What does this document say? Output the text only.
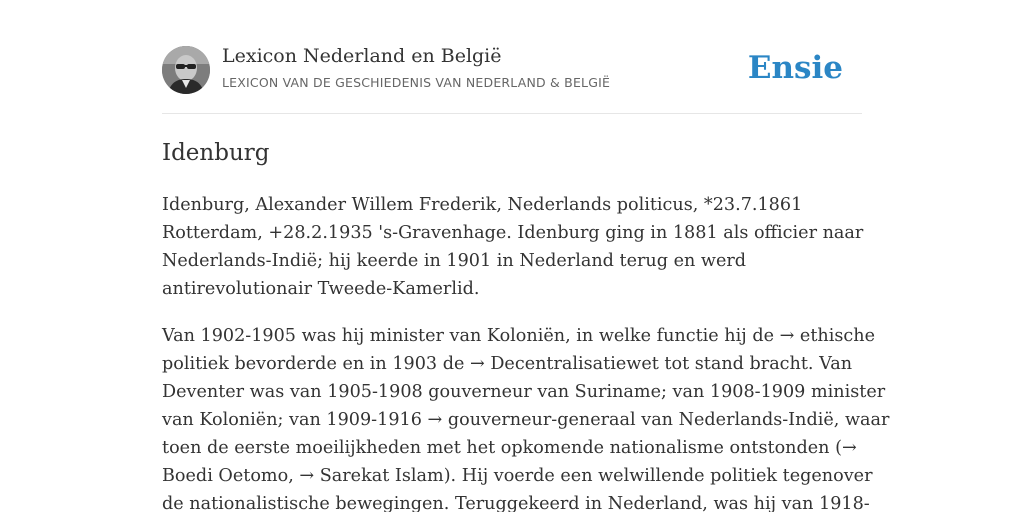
Lexicon Nederland en België
LEXICON VAN DE GESCHIEDENIS VAN NEDERLAND & BELGIË	Ensie
Idenburg

Idenburg, Alexander Willem Frederik, Nederlands politicus, *23.7.1861
Rotterdam, +28.2.1935 's-Gravenhage. Idenburg ging in 1881 als officier naar
Nederlands-Indië; hij keerde in 1901 in Nederland terug en werd
antirevolutionair Tweede-Kamerlid.

Van 1902-1905 was hij minister van Koloniën, in welke functie hij de → ethische
politiek bevorderde en in 1903 de → Decentralisatiewet tot stand bracht. Van
Deventer was van 1905-1908 gouverneur van Suriname; van 1908-1909 minister
van Koloniën; van 1909-1916 → gouverneur-generaal van Nederlands-Indië, waar
toen de eerste moeilijkheden met het opkomende nationalisme ontstonden (→
Boedi Oetomo, → Sarekat Islam). Hij voerde een welwillende politiek tegenover
de nationalistische bewegingen. Teruggekeerd in Nederland, was hij van 1918-
